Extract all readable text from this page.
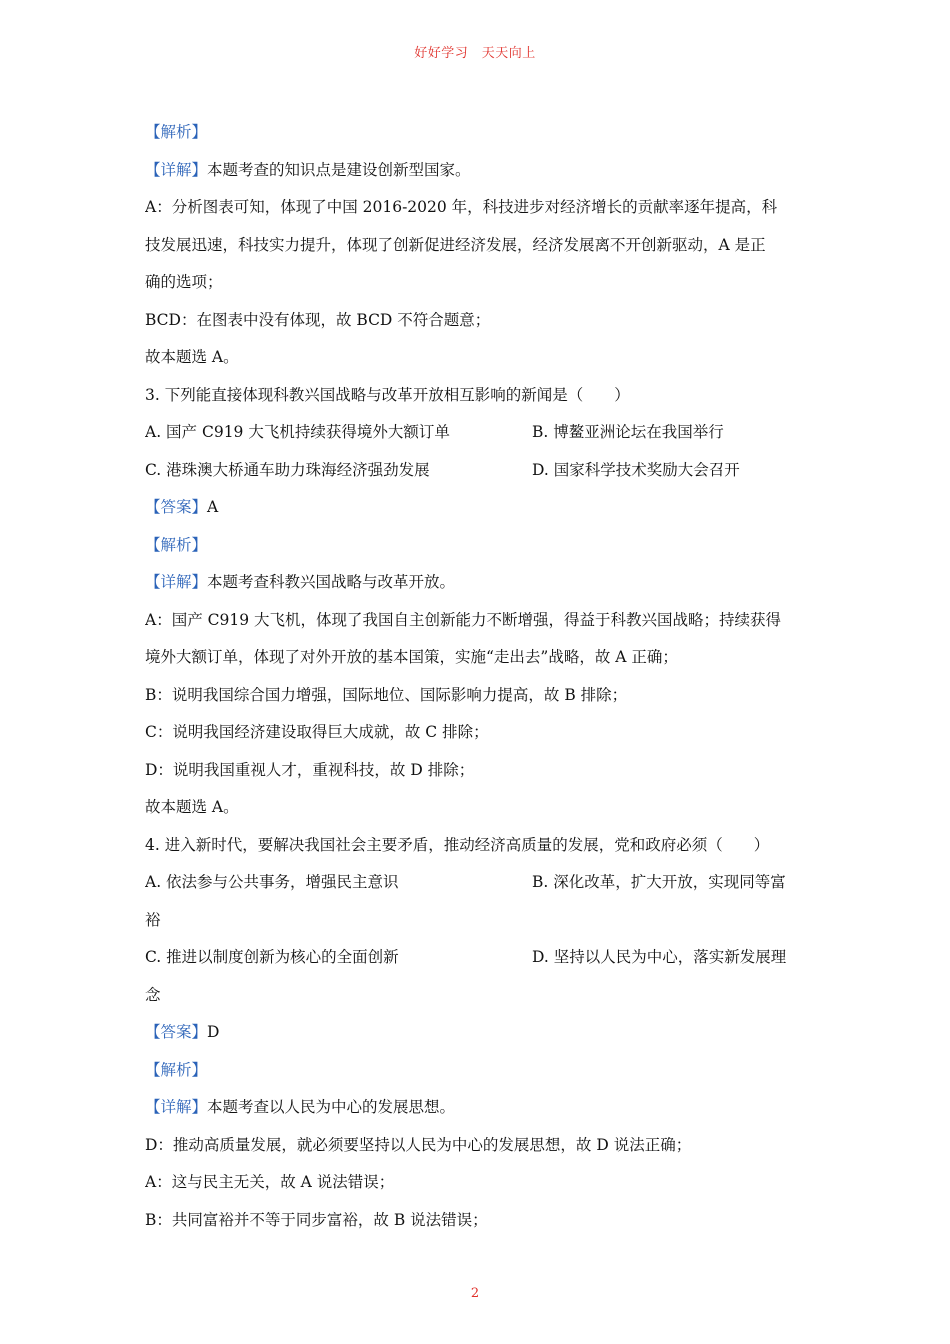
好好学习　天天向上
【解析】
【详解】本题考查的知识点是建设创新型国家。
A：分析图表可知，体现了中国 2016-2020 年，科技进步对经济增长的贡献率逐年提高，科
技发展迅速，科技实力提升，体现了创新促进经济发展，经济发展离不开创新驱动，A 是正
确的选项；
BCD：在图表中没有体现，故 BCD 不符合题意；
故本题选 A。
3. 下列能直接体现科教兴国战略与改革开放相互影响的新闻是（　　）
A. 国产 C919 大飞机持续获得境外大额订单	B. 博鳌亚洲论坛在我国举行
C. 港珠澳大桥通车助力珠海经济强劲发展	D. 国家科学技术奖励大会召开
【答案】A
【解析】
【详解】本题考查科教兴国战略与改革开放。
A：国产 C919 大飞机，体现了我国自主创新能力不断增强，得益于科教兴国战略；持续获得
境外大额订单，体现了对外开放的基本国策，实施“走出去”战略，故 A 正确；
B：说明我国综合国力增强，国际地位、国际影响力提高，故 B 排除；
C：说明我国经济建设取得巨大成就，故 C 排除；
D：说明我国重视人才，重视科技，故 D 排除；
故本题选 A。
4. 进入新时代，要解决我国社会主要矛盾，推动经济高质量的发展，党和政府必须（　　）
A. 依法参与公共事务，增强民主意识	B. 深化改革，扩大开放，实现同等富
裕
C. 推进以制度创新为核心的全面创新	D. 坚持以人民为中心，落实新发展理
念
【答案】D
【解析】
【详解】本题考查以人民为中心的发展思想。
D：推动高质量发展，就必须要坚持以人民为中心的发展思想，故 D 说法正确；
A：这与民主无关，故 A 说法错误；
B：共同富裕并不等于同步富裕，故 B 说法错误；
2
